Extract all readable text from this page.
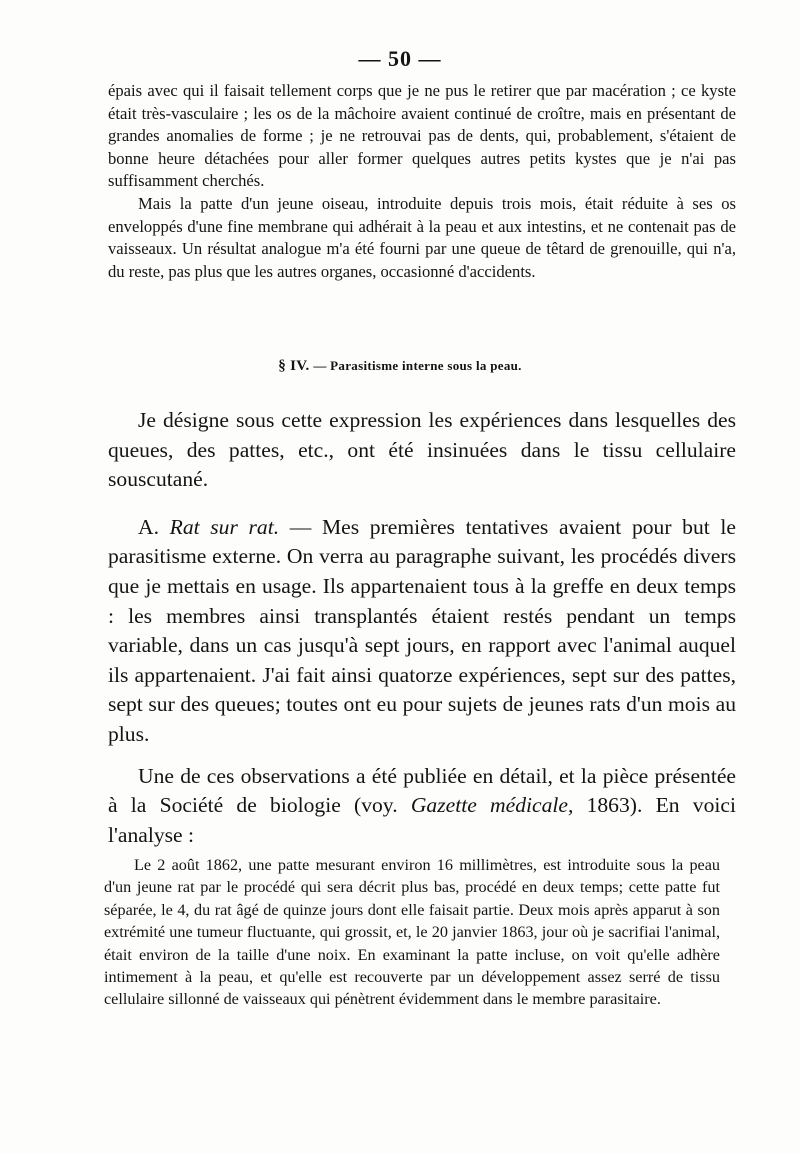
— 50 —

épais avec qui il faisait tellement corps que je ne pus le retirer que par macération ; ce kyste était très-vasculaire ; les os de la mâchoire avaient continué de croître, mais en présentant de grandes anomalies de forme ; je ne retrouvai pas de dents, qui, probablement, s'étaient de bonne heure détachées pour aller former quelques autres petits kystes que je n'ai pas suffisamment cherchés.

Mais la patte d'un jeune oiseau, introduite depuis trois mois, était réduite à ses os enveloppés d'une fine membrane qui adhérait à la peau et aux intestins, et ne contenait pas de vaisseaux. Un résultat analogue m'a été fourni par une queue de têtard de grenouille, qui n'a, du reste, pas plus que les autres organes, occasionné d'accidents.

§ IV. — Parasitisme interne sous la peau.

Je désigne sous cette expression les expériences dans lesquelles des queues, des pattes, etc., ont été insinuées dans le tissu cellulaire souscutané.

A. Rat sur rat. — Mes premières tentatives avaient pour but le parasitisme externe. On verra au paragraphe suivant, les procédés divers que je mettais en usage. Ils appartenaient tous à la greffe en deux temps : les membres ainsi transplantés étaient restés pendant un temps variable, dans un cas jusqu'à sept jours, en rapport avec l'animal auquel ils appartenaient. J'ai fait ainsi quatorze expériences, sept sur des pattes, sept sur des queues; toutes ont eu pour sujets de jeunes rats d'un mois au plus.

Une de ces observations a été publiée en détail, et la pièce présentée à la Société de biologie (voy. Gazette médicale, 1863). En voici l'analyse :

Le 2 août 1862, une patte mesurant environ 16 millimètres, est introduite sous la peau d'un jeune rat par le procédé qui sera décrit plus bas, procédé en deux temps; cette patte fut séparée, le 4, du rat âgé de quinze jours dont elle faisait partie. Deux mois après apparut à son extrémité une tumeur fluctuante, qui grossit, et, le 20 janvier 1863, jour où je sacrifiai l'animal, était environ de la taille d'une noix. En examinant la patte incluse, on voit qu'elle adhère intimement à la peau, et qu'elle est recouverte par un développement assez serré de tissu cellulaire sillonné de vaisseaux qui pénètrent évidemment dans le membre parasitaire.
